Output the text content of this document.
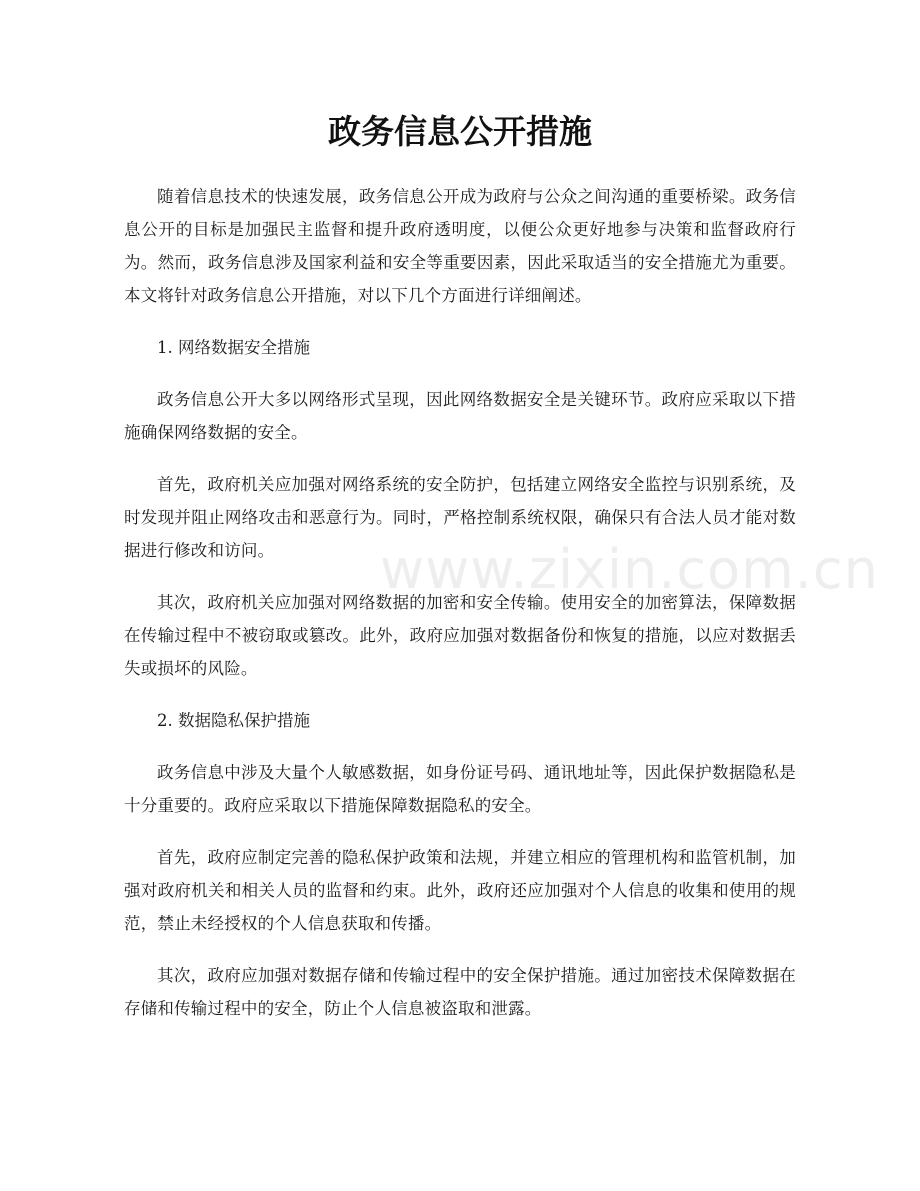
政务信息公开措施

随着信息技术的快速发展，政务信息公开成为政府与公众之间沟通的重要桥梁。政务信息公开的目标是加强民主监督和提升政府透明度，以便公众更好地参与决策和监督政府行为。然而，政务信息涉及国家利益和安全等重要因素，因此采取适当的安全措施尤为重要。本文将针对政务信息公开措施，对以下几个方面进行详细阐述。

1. 网络数据安全措施

政务信息公开大多以网络形式呈现，因此网络数据安全是关键环节。政府应采取以下措施确保网络数据的安全。

首先，政府机关应加强对网络系统的安全防护，包括建立网络安全监控与识别系统，及时发现并阻止网络攻击和恶意行为。同时，严格控制系统权限，确保只有合法人员才能对数据进行修改和访问。

其次，政府机关应加强对网络数据的加密和安全传输。使用安全的加密算法，保障数据在传输过程中不被窃取或篡改。此外，政府应加强对数据备份和恢复的措施，以应对数据丢失或损坏的风险。

2. 数据隐私保护措施

政务信息中涉及大量个人敏感数据，如身份证号码、通讯地址等，因此保护数据隐私是十分重要的。政府应采取以下措施保障数据隐私的安全。

首先，政府应制定完善的隐私保护政策和法规，并建立相应的管理机构和监管机制，加强对政府机关和相关人员的监督和约束。此外，政府还应加强对个人信息的收集和使用的规范，禁止未经授权的个人信息获取和传播。

其次，政府应加强对数据存储和传输过程中的安全保护措施。通过加密技术保障数据在存储和传输过程中的安全，防止个人信息被盗取和泄露。

www.zixin.com.cn
